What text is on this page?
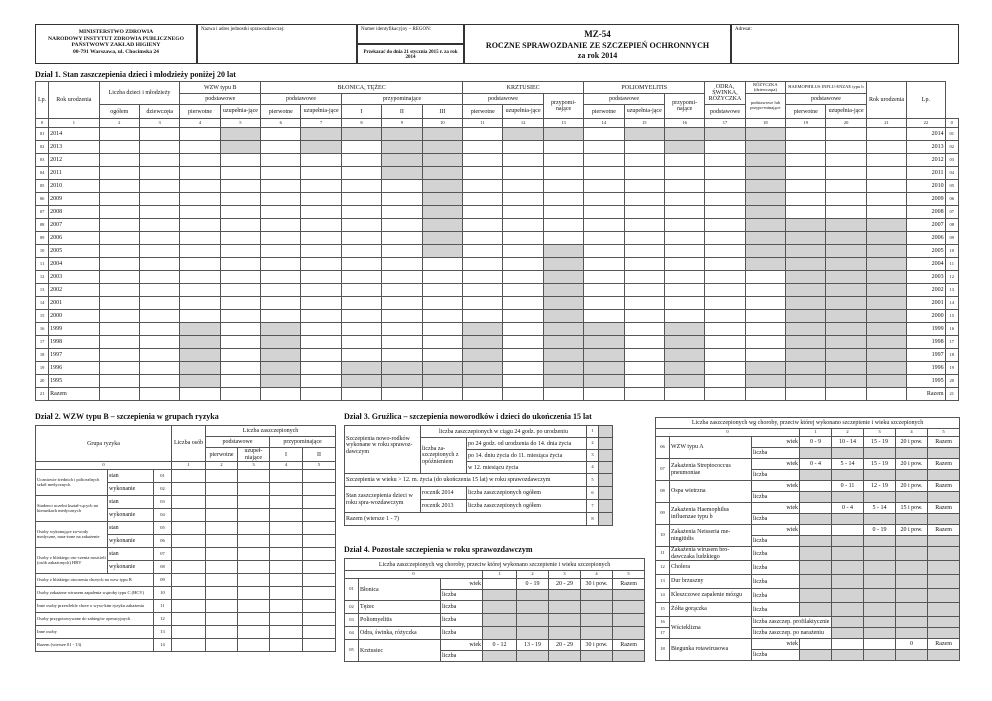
MINISTERSTWO ZDROWIA
NARODOWY INSTYTUT ZDROWIA PUBLICZNEGO
PAŃSTWOWY ZAKŁAD HIGIENY
00-791 Warszawa, ul. Chocimska 24
Nazwa i adres jednostki sprawozdawczej:	Numer identyfikacyjny – REGON:
Przekazać do dnia 21 stycznia 2015 r. za rok 2014
MZ-54
ROCZNE SPRAWOZDANIE ZE SZCZEPIEŃ OCHRONNYCH
za rok 2014
Adresat:
Dział 1. Stan zaszczepienia dzieci i młodzieży poniżej 20 lat
Lp.	Rok urodzenia	Liczba dzieci i młodzieży		WZW typu B		BŁONICA, TĘŻEC					KRZTUSIEC			POLIOMYELITIS			ODRA, ŚWINKA, RÓŻYCZKA	RÓŻYCZKA (dziewczęta)	HAEMOPHILUS INFLU-ENZAE typu b		Rok urodzenia	Lp.	
				podstawowe		podstawowe		przypominające			podstawowe		przypomi-nające	podstawowe		przypomi-nające		podstawowe lub przypo-minające	podstawowe				
		ogółem	dziewczęta	pierwotne	uzupełnia-jące	pierwotne	uzupełnia-jące	I	II	III	pierwotne	uzupełnia-jące		pierwotne	uzupełnia-jące		podstawowe		pierwotne	uzupełnia-jące			
0	1	2	3	4	5	6	7	8	9	10	11	12	13	14	15	16	17	18	19	20	21	22	0
01	2014																					2014	01
02	2013																					2013	02
03	2012																					2012	03
04	2011																					2011	04
05	2010																					2010	05
06	2009																					2009	06
07	2008																					2008	07
08	2007																					2007	08
09	2006																					2006	09
10	2005																					2005	10
11	2004																					2004	11
12	2003																					2003	12
13	2002																					2002	13
14	2001																					2001	14
15	2000																					2000	15
16	1999																					1999	16
17	1998																					1998	17
18	1997																					1997	18
19	1996																					1996	19
20	1995																					1995	20
21	Razem																					Razem	21
Dział 2. WZW typu B – szczepienia w grupach ryzyka
Grupa ryzyka			Liczba osób	Liczba zaszczepionych			
				podstawowe		przypominające	
				pierwotne	uzupeł-niające	I	II
0			1	2	3	4	5
Uczniowie średnich i policealnych szkół medycznych	stan	01					
	wykonanie	02					
Studenci uczelni kształ-cących na kierunkach medycznych	stan	03					
	wykonanie	04					
Osoby wykonujące za-wody medyczne, nara-żone na zakażenie	stan	05					
	wykonanie	06					
Osoby z bliskiego oto-czenia nosicieli (osób zakażonych) HBV	stan	07					
	wykonanie	08					
Osoby z bliskiego otoczenia chorych na wzw typu B		09					
Osoby zakażone wirusem zapalenia wątroby typu C (HCV)		10					
Inne osoby przewlekle chore o wyso-kim ryzyku zakażenia		11					
Osoby przygotowywane do zabiegów operacyjnych		12					
Inne osoby		13					
Razem (wiersze 01 - 13)		14					
Dział 3. Gruźlica – szczepienia noworodków i dzieci do ukończenia 15 lat
Szczepienia nowo-rodków wykonane w roku sprawoz-dawczym	liczba zaszczepionych w ciągu 24 godz. po urodzeniu		1	
	liczba za-szczepionych z opóźnieniem	po 24 godz. od urodzenia do 14. dnia życia	2	
		po 14. dniu życia do 11. miesiąca życia	3	
		w 12. miesiącu życia	4	
Szczepienia w wieku > 12. m. życia (do ukończenia 15 lat) w roku sprawozdawczym			5	
Stan zaszczepienia dzieci w roku spra-wozdawczym	rocznik 2014	liczba zaszczepionych ogółem	6	
	rocznik 2013	liczba zaszczepionych ogółem	7	
Razem (wiersze 1 - 7)			8	
Dział 4. Pozostałe szczepienia w roku sprawozdawczym
Liczba zaszczepionych wg choroby, przeciw której wykonano szczepienie i wieku szczepionych							
0			1	2	3	4	5
01	Błonica	wiek		0 - 19	20 - 29	30 i pow.	Razem
		liczba					
02	Tężec	liczba					
03	Poliomyelitis	liczba					
04	Odra, świnka, różyczka	liczba					
05	Krztusiec	wiek	0 - 12	13 - 19	20 - 29	30 i pow.	Razem
		liczba					
Liczba zaszczepionych wg choroby, przeciw której wykonano szczepienie i wieku szczepionych							
0			1	2	3	4	5
06	WZW typu A	wiek	0 - 9	10 - 14	15 - 19	20 i pow.	Razem
		liczba					
07	Zakażenia Streptococcus pneumoniae	wiek	0 - 4	5 - 14	15 - 19	20 i pow.	Razem
		liczba					
08	Ospa wietrzna	wiek		0 - 11	12 - 19	20 i pow.	Razem
		liczba					
09	Zakażenia Haemophilus influenzae typu b	wiek		0 - 4	5 - 14	15 i pow.	Razem
		liczba					
10	Zakażenia Neisseria me-ningitidis	wiek			0 - 19	20 i pow.	Razem
		liczba					
11	Zakażenia wirusem bro-dawczaka ludzkiego	liczba					
12	Cholera	liczba					
13	Dur brzuszny	liczba					
14	Kleszczowe zapalenie mózgu	liczba					
15	Żółta gorączka	liczba					
16	Wścieklizna	liczba zaszczep. profilaktycznie					
17		liczba zaszczep. po narażeniu					
18	Biegunka rotawirusowa	wiek				0	Razem
		liczba					
